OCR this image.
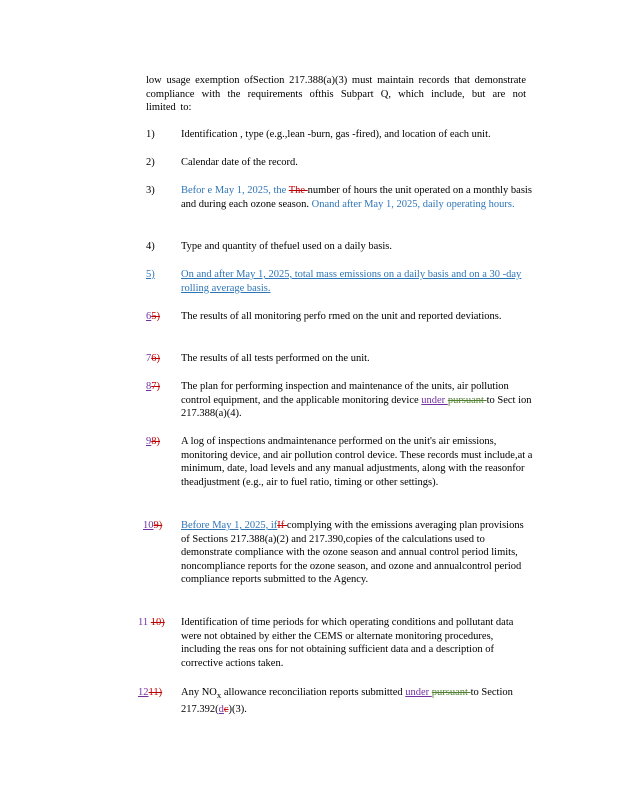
low usage exemption ofSection 217.388(a)(3) must maintain records that demonstrate compliance with the requirements ofthis Subpart Q, which include, but are not limited to:
1)	Identification , type (e.g.,lean -burn, gas -fired), and location of each unit.
2)	Calendar date of the record.
3)	Befor e May 1, 2025, the The number of hours the unit operated on a monthly basis and during each ozone season. Onand after May 1, 2025, daily operating hours.
4)	Type and quantity of thefuel used on a daily basis.
5)	On and after May 1, 2025, total mass emissions on a daily basis and on a 30 -day rolling average basis.
65)	The results of all monitoring perfo rmed on the unit and reported deviations.
76)	The results of all tests performed on the unit.
87)	The plan for performing inspection and maintenance of the units, air pollution control equipment, and the applicable monitoring device under pursuant to Sect ion 217.388(a)(4).
98)	A log of inspections andmaintenance performed on the unit's air emissions, monitoring device, and air pollution control device. These records must include,at a minimum, date, load levels and any manual adjustments, along with the reasonfor theadjustment (e.g., air to fuel ratio, timing or other settings).
109)	Before May 1, 2025, ifIf complying with the emissions averaging plan provisions of Sections 217.388(a)(2) and 217.390,copies of the calculations used to demonstrate compliance with the ozone season and annual control period limits, noncompliance reports for the ozone season, and ozone and annualcontrol period compliance reports submitted to the Agency.
11 10)	Identification of time periods for which operating conditions and pollutant data were not obtained by either the CEMS or alternate monitoring procedures, including the reas ons for not obtaining sufficient data and a description of corrective actions taken.
1211)	Any $NO_x$ allowance reconciliation reports submitted under pursuant to Section 217.392(dc)(3).
